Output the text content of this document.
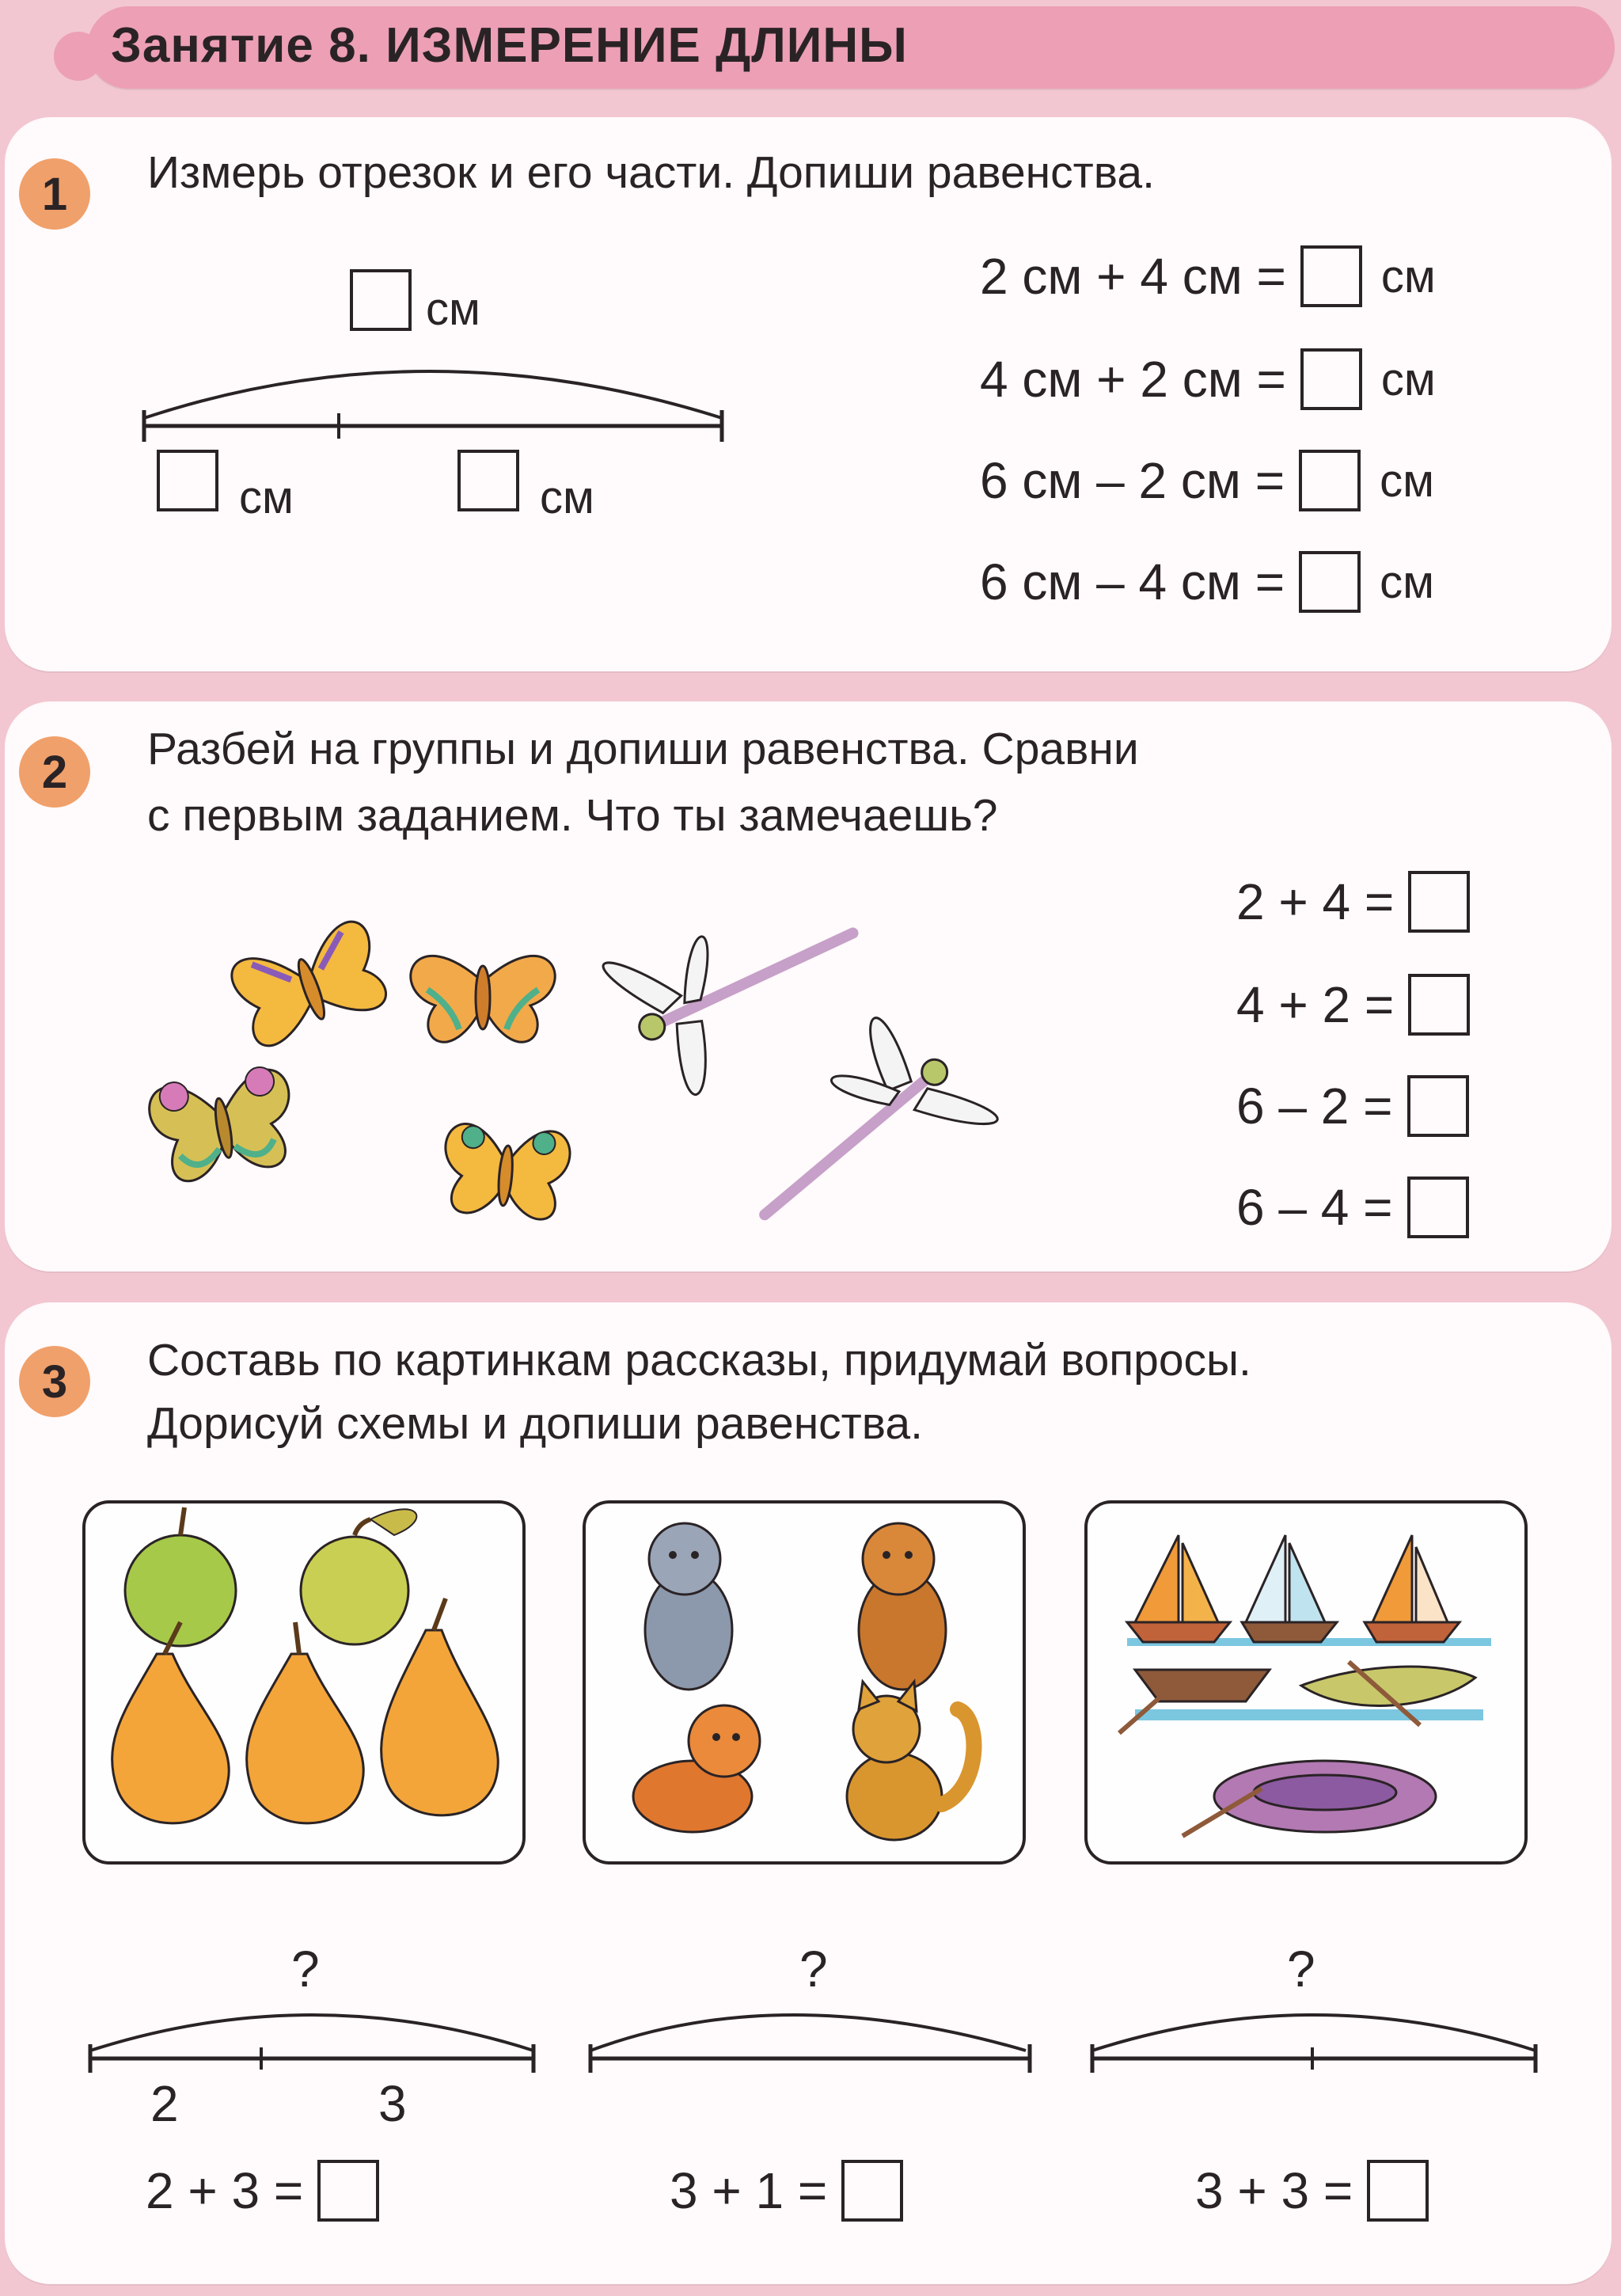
Занятие 8. ИЗМЕРЕНИЕ ДЛИНЫ
1	Измерь отрезок и его части. Допиши равенства.
см
см	см
2 см + 4 см = см
4 см + 2 см = см
6 см – 2 см = см
6 см – 4 см = см
2	Разбей на группы и допиши равенства. Сравни
с первым заданием. Что ты замечаешь?
2 + 4 =
4 + 2 =
6 – 2 =
6 – 4 =
3	Составь по картинкам рассказы, придумай вопросы.
Дорисуй схемы и допиши равенства.
?
2	3
2 + 3 =
?
3 + 1 =
?
3 + 3 =
